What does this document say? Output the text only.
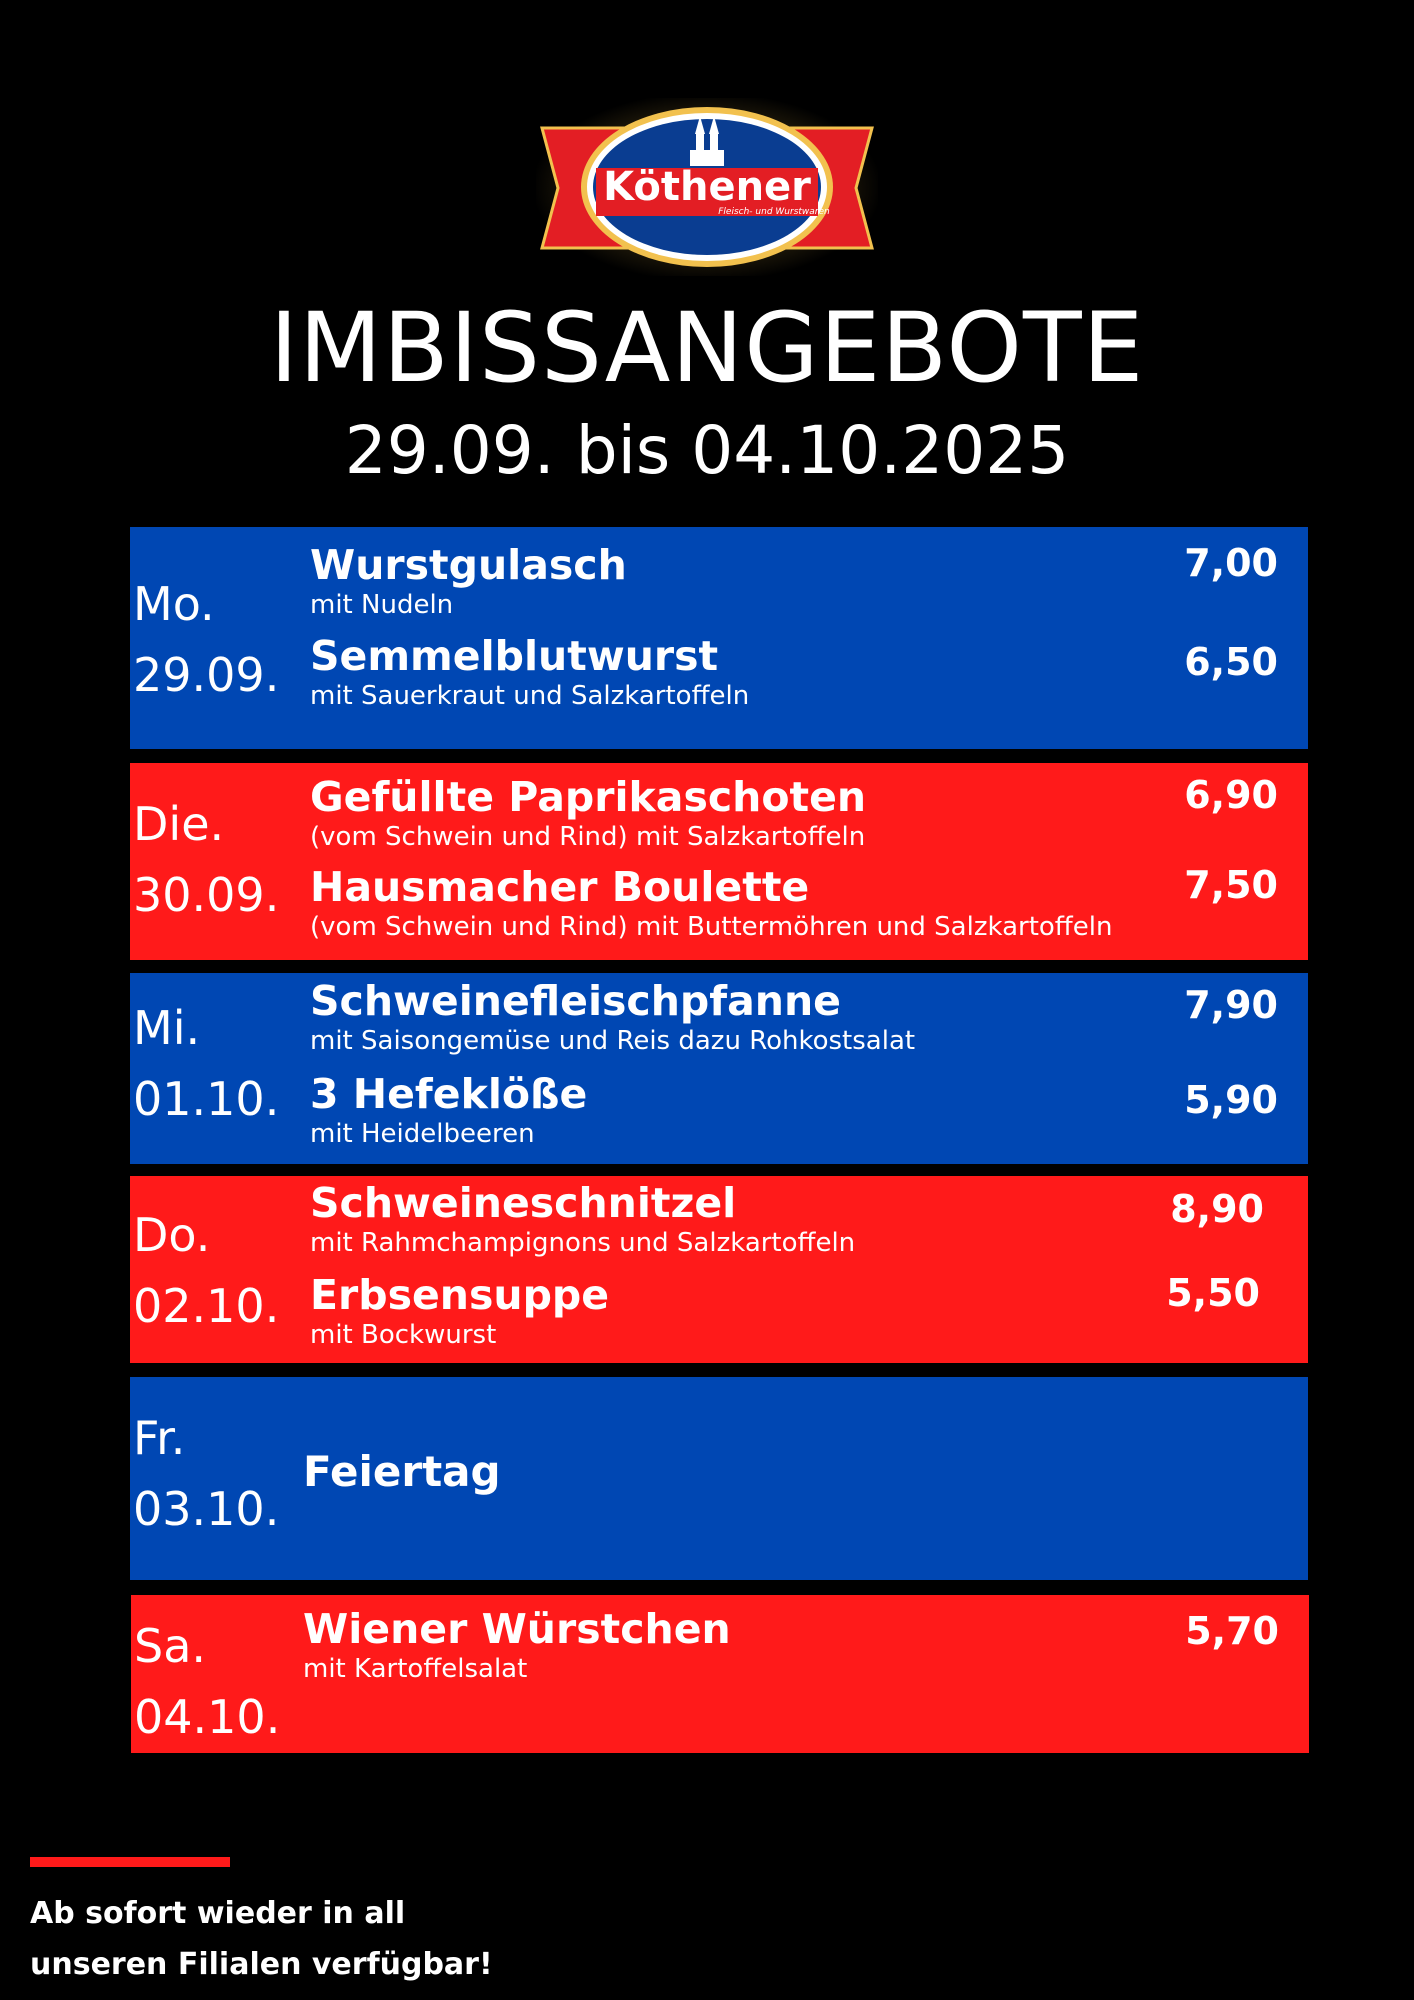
Köthener
Fleisch- und Wurstwaren
IMBISSANGEBOTE
29.09. bis 04.10.2025
Mo.
29.09.
Wurstgulasch
mit Nudeln
7,00
Semmelblutwurst
mit Sauerkraut und Salzkartoffeln
6,50
Die.
30.09.
Gefüllte Paprikaschoten
(vom Schwein und Rind) mit Salzkartoffeln
6,90
Hausmacher Boulette
(vom Schwein und Rind) mit Buttermöhren und Salzkartoffeln
7,50
Mi.
01.10.
Schweinefleischpfanne
mit Saisongemüse und Reis dazu Rohkostsalat
7,90
3 Hefeklöße
mit Heidelbeeren
5,90
Do.
02.10.
Schweineschnitzel
mit Rahmchampignons und Salzkartoffeln
8,90
Erbsensuppe
mit Bockwurst
5,50
Fr.
03.10.
Feiertag
Sa.
04.10.
Wiener Würstchen
mit Kartoffelsalat
5,70
Ab sofort wieder in all
unseren Filialen verfügbar!
